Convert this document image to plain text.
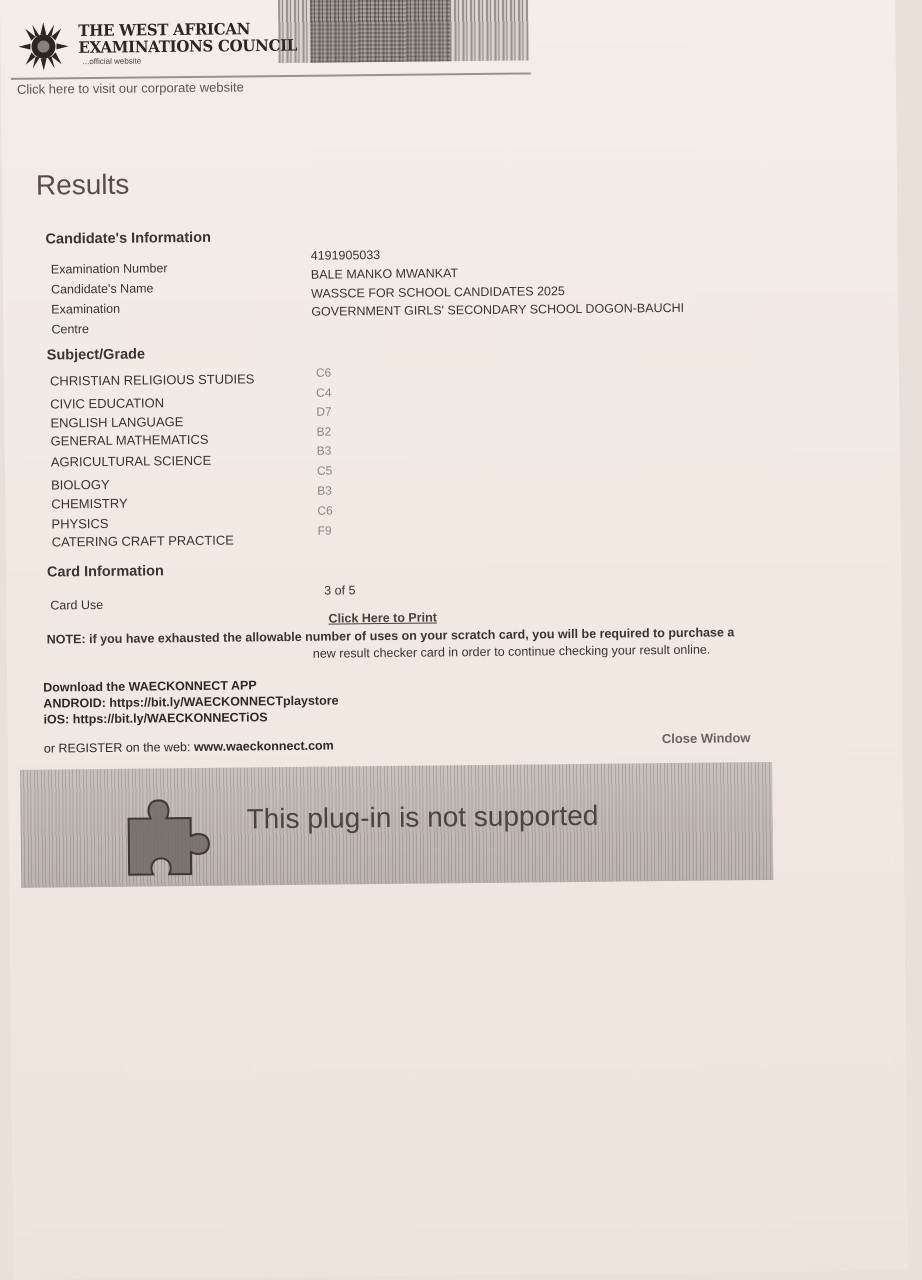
THE WEST AFRICAN
EXAMINATIONS COUNCIL
...official website
Click here to visit our corporate website
Results
Candidate's Information
Examination Number
4191905033
Candidate's Name
BALE MANKO MWANKAT
Examination
WASSCE FOR SCHOOL CANDIDATES 2025
Centre
GOVERNMENT GIRLS' SECONDARY SCHOOL DOGON-BAUCHI
Subject/Grade
CHRISTIAN RELIGIOUS STUDIES	C6
CIVIC EDUCATION
C4
ENGLISH LANGUAGE
D7
GENERAL MATHEMATICS
B2
AGRICULTURAL SCIENCE
B3
BIOLOGY
C5
CHEMISTRY
B3
PHYSICS
C6
CATERING CRAFT PRACTICE
F9
Card Information
Card Use
3 of 5
Click Here to Print
NOTE: if you have exhausted the allowable number of uses on your scratch card, you will be required to purchase a
new result checker card in order to continue checking your result online.
Download the WAECKONNECT APP
ANDROID: https://bit.ly/WAECKONNECTplaystore
iOS: https://bit.ly/WAECKONNECTiOS
or REGISTER on the web: www.waeckonnect.com
Close Window
This plug-in is not supported
